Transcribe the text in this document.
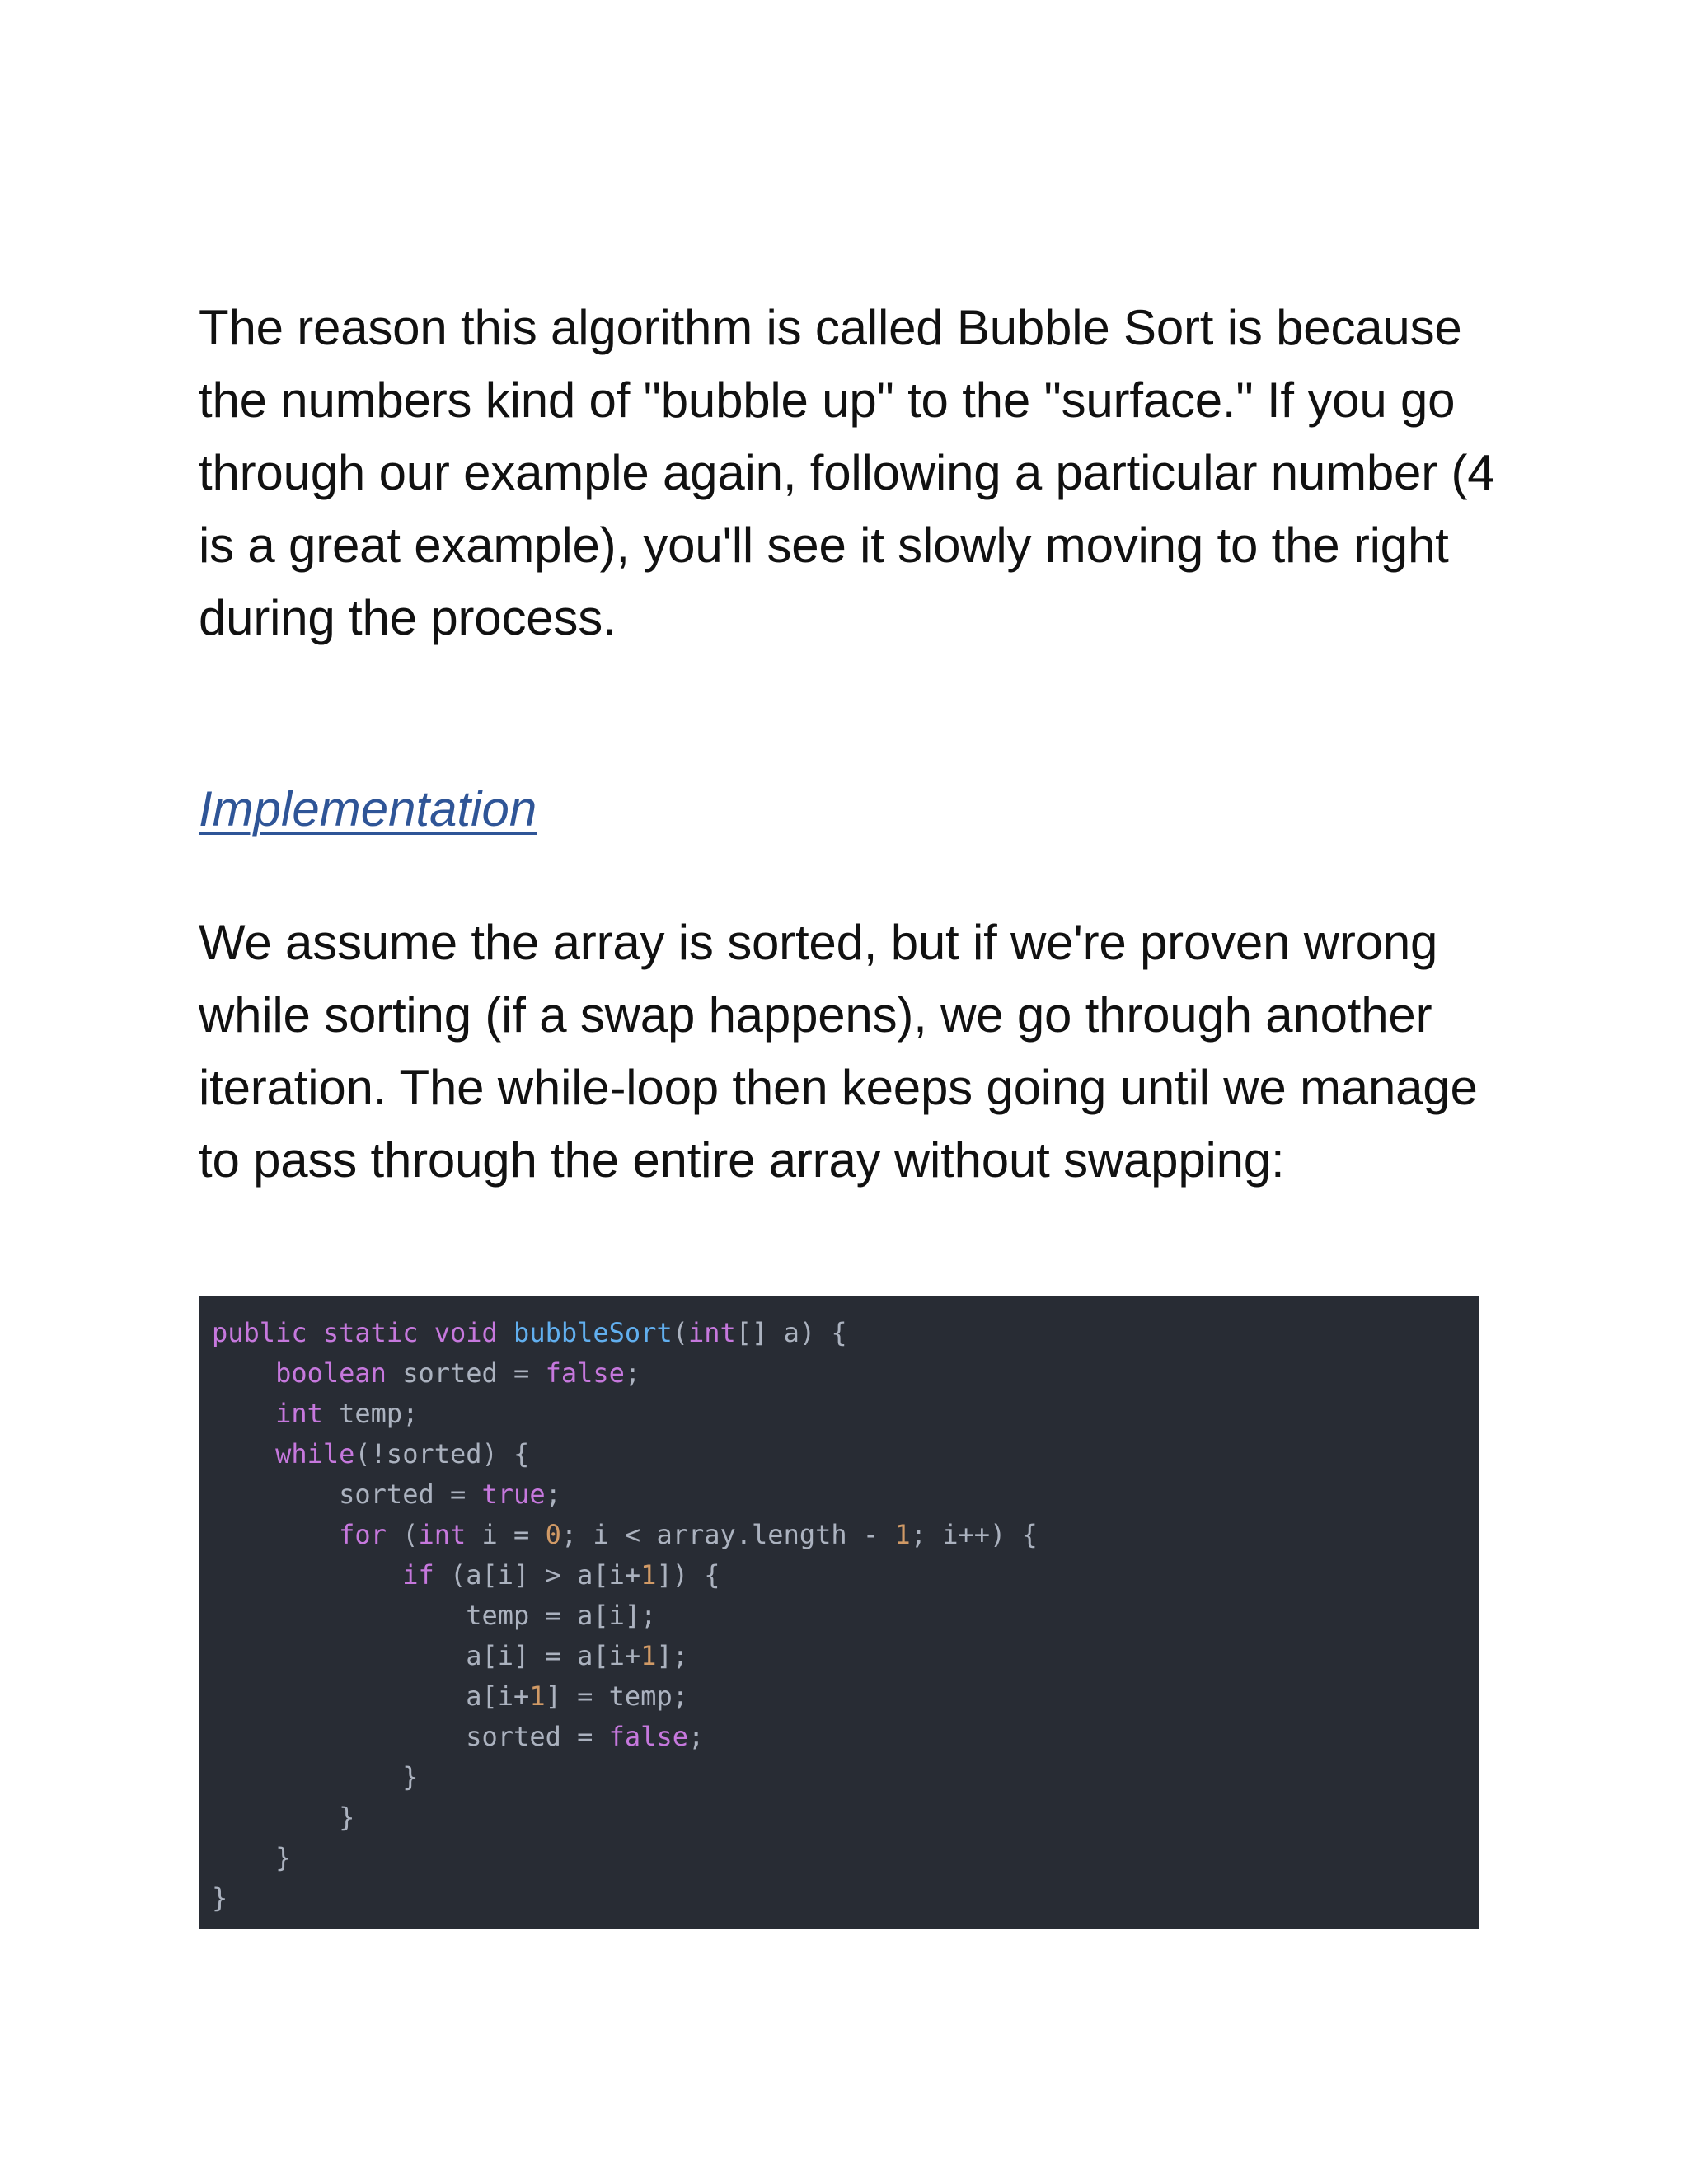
The reason this algorithm is called Bubble Sort is because the numbers kind of "bubble up" to the "surface." If you go through our example again, following a particular number (4 is a great example), you'll see it slowly moving to the right during the process.

Implementation

We assume the array is sorted, but if we're proven wrong while sorting (if a swap happens), we go through another iteration. The while-loop then keeps going until we manage to pass through the entire array without swapping:

public static void bubbleSort(int[] a) {
boolean sorted = false;
int temp;
while(!sorted) {
sorted = true;
for (int i = 0; i < array.length - 1; i++) {
if (a[i] > a[i+1]) {
temp = a[i];
a[i] = a[i+1];
a[i+1] = temp;
sorted = false;
}
}
}
}
